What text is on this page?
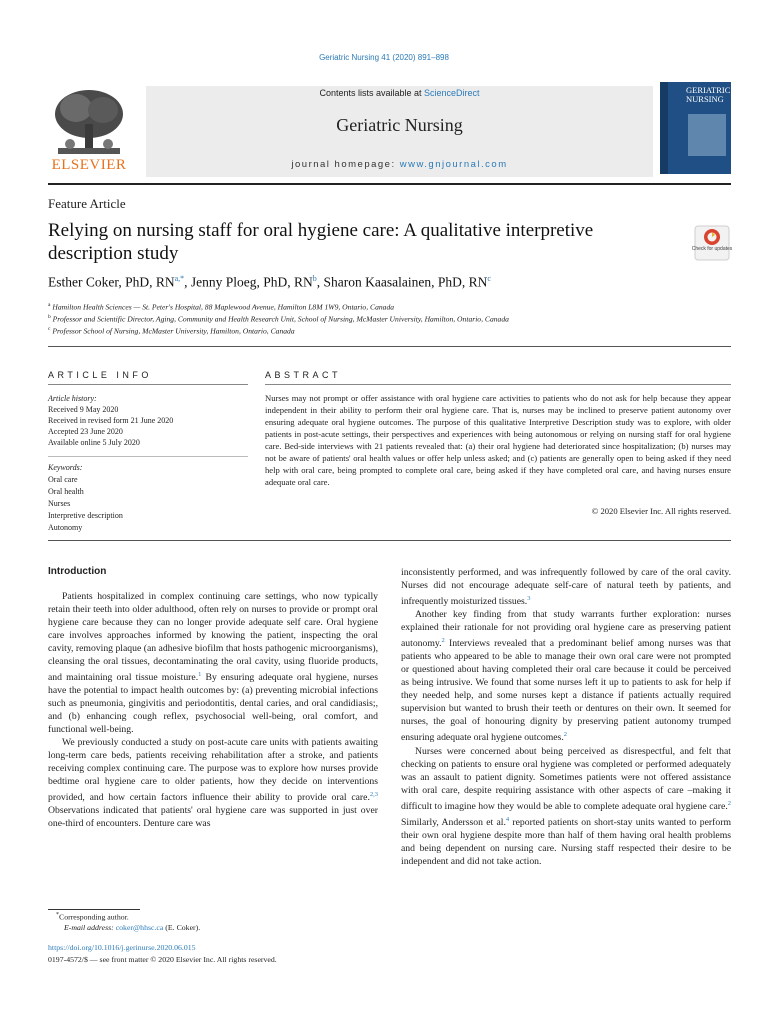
Geriatric Nursing 41 (2020) 891–898
ELSEVIER
Contents lists available at ScienceDirect
Geriatric Nursing
journal homepage: www.gnjournal.com
GERIATRIC NURSING
Feature Article
Relying on nursing staff for oral hygiene care: A qualitative interpretive description study	Check for updates
Esther Coker, PhD, $RN^{a,*}$, Jenny Ploeg, PhD, $RN^b$, Sharon Kaasalainen, PhD, $RN^c$
$^a$ Hamilton Health Sciences — St. Peter's Hospital, 88 Maplewood Avenue, Hamilton L8M 1W9, Ontario, Canada
$^b$ Professor and Scientific Director, Aging, Community and Health Research Unit, School of Nursing, McMaster University, Hamilton, Ontario, Canada
$^c$ Professor School of Nursing, McMaster University, Hamilton, Ontario, Canada
ARTICLE INFO
Article history:
Received 9 May 2020
Received in revised form 21 June 2020
Accepted 23 June 2020
Available online 5 July 2020
Keywords:
Oral care
Oral health
Nurses
Interpretive description
Autonomy
ABSTRACT
Nurses may not prompt or offer assistance with oral hygiene care activities to patients who do not ask for help because they appear independent in their ability to perform their oral hygiene care. That is, nurses may be inclined to preserve patient autonomy over ensuring adequate oral hygiene outcomes. The purpose of this qualitative Interpretive Description study was to explore, with older patients in post-acute settings, their perspectives and experiences with being autonomous or relying on nursing staff for oral hygiene care. Bed-side interviews with 21 patients revealed that: (a) their oral hygiene had deteriorated since hospitalization; (b) nurses may not be aware of patients' oral health values or offer help unless asked; and (c) patients are generally open to being asked if they need help with oral care, being prompted to complete oral care, being asked if they have completed oral care, and having nurses ensure adequate oral care.
© 2020 Elsevier Inc. All rights reserved.
Introduction

Patients hospitalized in complex continuing care settings, who now typically retain their teeth into older adulthood, often rely on nurses to provide or prompt oral hygiene care because they can no longer provide adequate self care. Oral hygiene care involves approaches informed by knowing the patient, inspecting the oral cavity, removing plaque (an adhesive biofilm that hosts pathogenic microorganisms), cleansing the oral tissues, decontaminating the oral cavity, using fluoride products, and maintaining oral tissue moisture.$^1$ By ensuring adequate oral hygiene, nurses have the potential to impact health outcomes by: (a) preventing microbial infections such as pneumonia, gingivitis and periodontitis, dental caries, and oral candidiasis;, and (b) enhancing cough reflex, psychosocial well-being, oral comfort, and functional well-being.

We previously conducted a study on post-acute care units with patients awaiting long-term care beds, patients receiving rehabilitation after a stroke, and patients receiving complex continuing care. The purpose was to explore how nurses provide bedtime oral hygiene care to older patients, how they decide on interventions provided, and how certain factors influence their ability to provide oral care.$^{2,3}$ Observations indicated that patients' oral hygiene care was supported in just over one-third of encounters. Denture care was

inconsistently performed, and was infrequently followed by care of the oral cavity. Nurses did not encourage adequate self-care of natural teeth by patients, and infrequently moisturized tissues.$^3$

Another key finding from that study warrants further exploration: nurses explained their rationale for not providing oral hygiene care as preserving patient autonomy.$^2$ Interviews revealed that a predominant belief among nurses was that patients who appeared to be able to manage their own oral care were not prompted or questioned about having completed their oral care because it could be perceived as being intrusive. We found that some nurses left it up to patients to ask for help if they needed help, and some nurses kept a distance if patients actually required supervision but wanted to brush their teeth or dentures on their own. It seemed for nurses, the goal of honouring dignity by preserving patient autonomy trumped ensuring adequate oral hygiene outcomes.$^2$

Nurses were concerned about being perceived as disrespectful, and felt that checking on patients to ensure oral hygiene was completed or performed adequately was an assault to patient dignity. Sometimes patients were not offered assistance with oral care, despite requiring assistance with other aspects of care –making it difficult to imagine how they would be able to complete adequate oral hygiene care.$^2$ Similarly, Andersson et al.$^4$ reported patients on short-stay units wanted to perform their own oral hygiene despite more than half of them having oral health problems and being dependent on nursing care. Nursing staff respected their desire to be independent and did not take action.

*Corresponding author.
E-mail address: coker@hhsc.ca (E. Coker).
https://doi.org/10.1016/j.gerinurse.2020.06.015
0197-4572/$ — see front matter © 2020 Elsevier Inc. All rights reserved.
